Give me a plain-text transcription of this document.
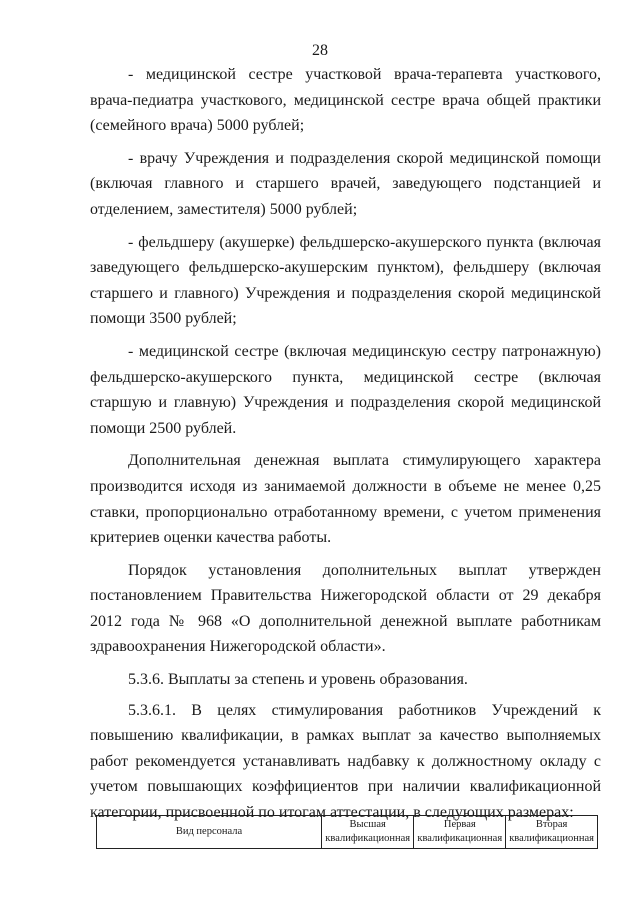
28

- медицинской сестре участковой врача-терапевта участкового, врача-педиатра участкового, медицинской сестре врача общей практики (семейного врача) 5000 рублей;

- врачу Учреждения и подразделения скорой медицинской помощи (включая главного и старшего врачей, заведующего подстанцией и отделением, заместителя) 5000 рублей;

- фельдшеру (акушерке) фельдшерско-акушерского пункта (включая заведующего фельдшерско-акушерским пунктом), фельдшеру (включая старшего и главного) Учреждения и подразделения скорой медицинской помощи 3500 рублей;

- медицинской сестре (включая медицинскую сестру патронажную) фельдшерско-акушерского пункта, медицинской сестре (включая старшую и главную) Учреждения и подразделения скорой медицинской помощи 2500 рублей.

Дополнительная денежная выплата стимулирующего характера производится исходя из занимаемой должности в объеме не менее 0,25 ставки, пропорционально отработанному времени, с учетом применения критериев оценки качества работы.

Порядок установления дополнительных выплат утвержден постановлением Правительства Нижегородской области от 29 декабря 2012 года № 968 «О дополнительной денежной выплате работникам здравоохранения Нижегородской области».

5.3.6. Выплаты за степень и уровень образования.

5.3.6.1. В целях стимулирования работников Учреждений к повышению квалификации, в рамках выплат за качество выполняемых работ рекомендуется устанавливать надбавку к должностному окладу с учетом повышающих коэффициентов при наличии квалификационной категории, присвоенной по итогам аттестации, в следующих размерах:

Вид персонала	Высшая квалификационная	Первая квалификационная	Вторая квалификационная
